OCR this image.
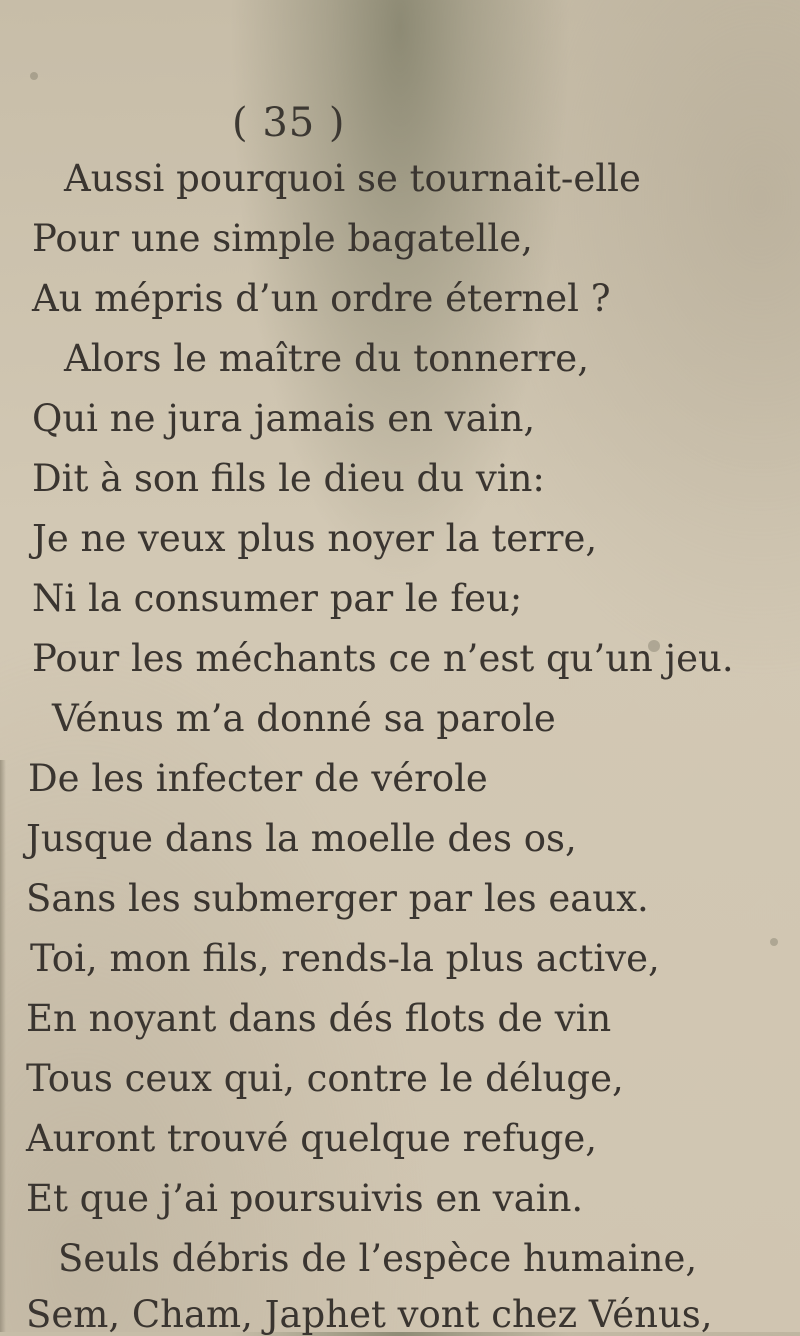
( 35 )

Aussi pourquoi se tournait-elle

Pour une simple bagatelle,

Au mépris d’un ordre éternel ?

Alors le maître du tonnerre,

Qui ne jura jamais en vain,

Dit à son fils le dieu du vin:

Je ne veux plus noyer la terre,

Ni la consumer par le feu;

Pour les méchants ce n’est qu’un jeu.

Vénus m’a donné sa parole

De les infecter de vérole

Jusque dans la moelle des os,

Sans les submerger par les eaux.

Toi, mon fils, rends-la plus active,

En noyant dans dés flots de vin

Tous ceux qui, contre le déluge,

Auront trouvé quelque refuge,

Et que j’ai poursuivis en vain.

Seuls débris de l’espèce humaine,

Sem, Cham, Japhet vont chez Vénus,
